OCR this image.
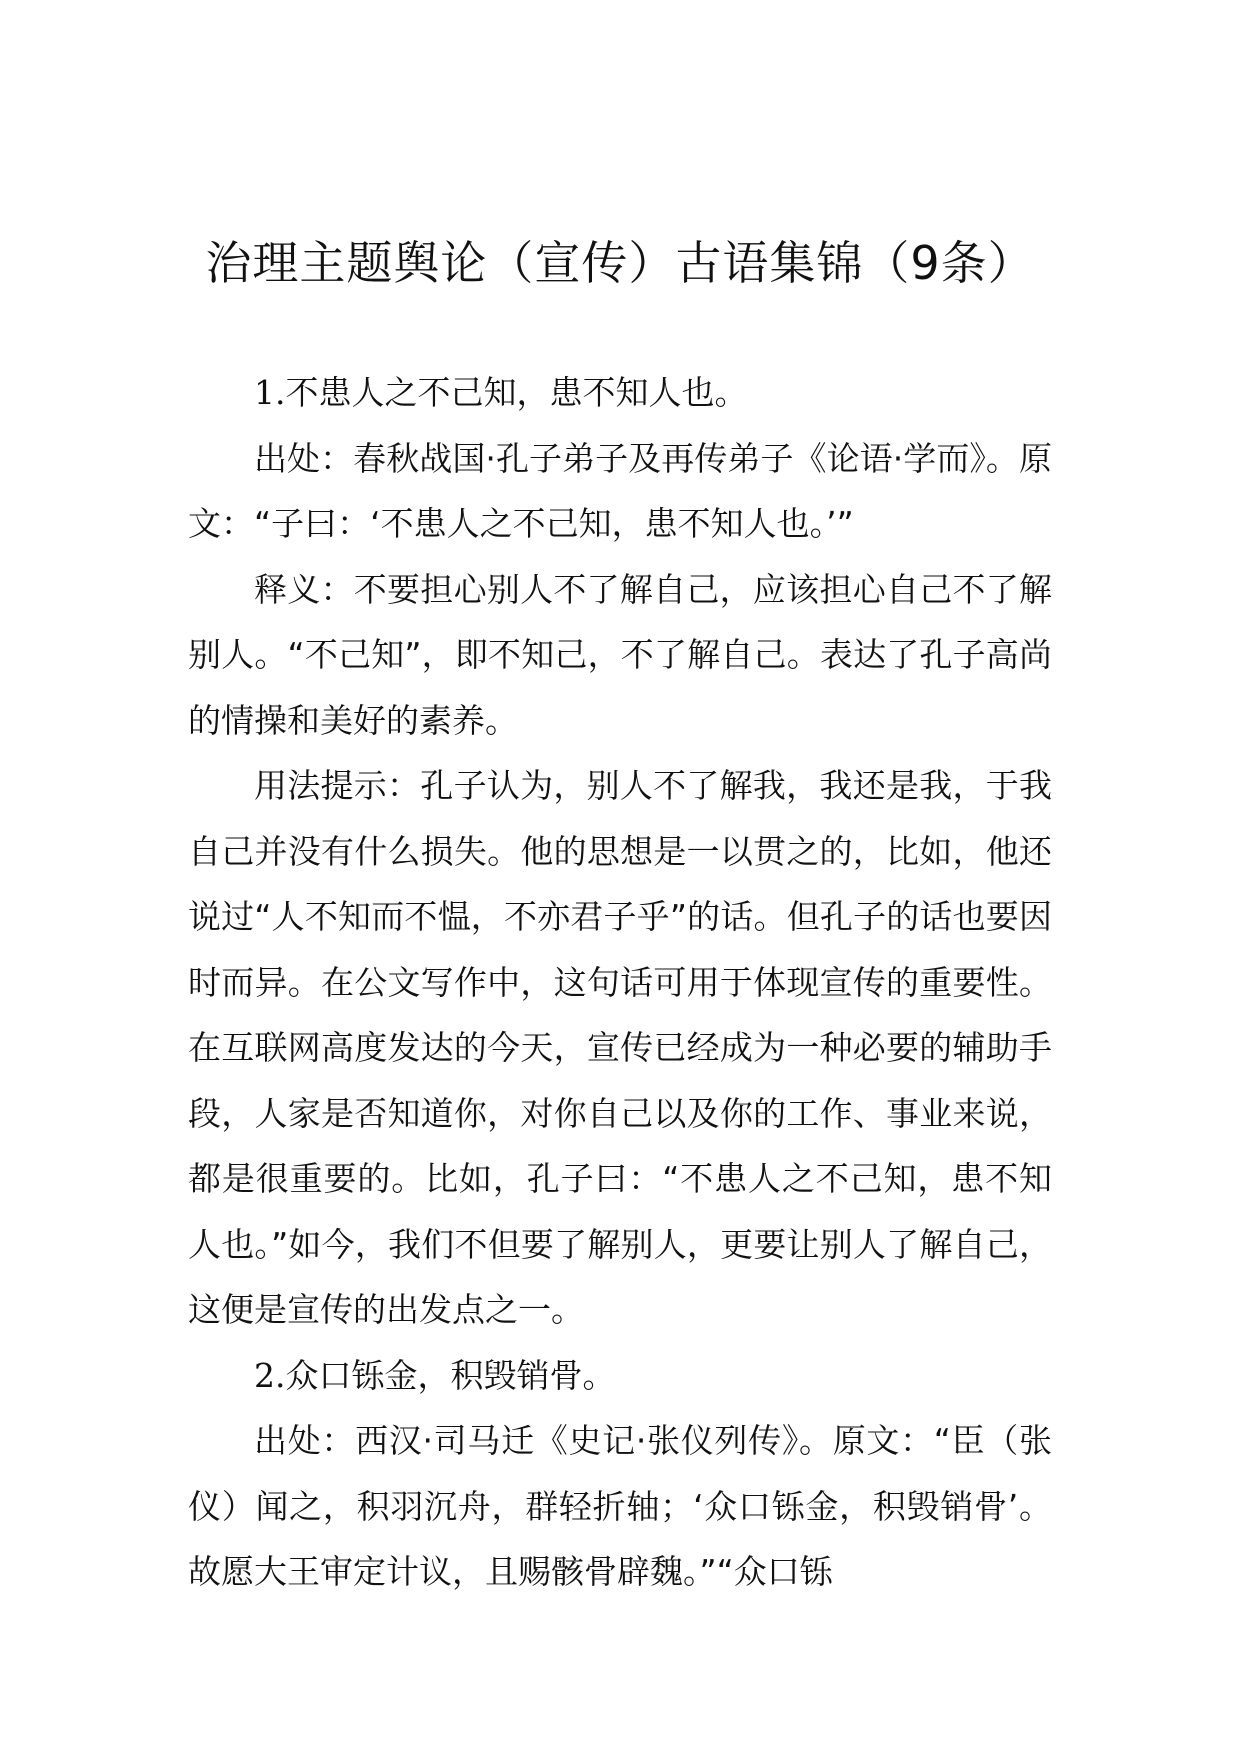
治理主题舆论（宣传）古语集锦（9条）

1.不患人之不己知，患不知人也。

出处：春秋战国·孔子弟子及再传弟子《论语·学而》。原文：“子曰：‘不患人之不己知，患不知人也。’”

释义：不要担心别人不了解自己，应该担心自己不了解别人。“不己知”，即不知己，不了解自己。表达了孔子高尚的情操和美好的素养。

用法提示：孔子认为，别人不了解我，我还是我，于我自己并没有什么损失。他的思想是一以贯之的，比如，他还说过“人不知而不愠，不亦君子乎”的话。但孔子的话也要因时而异。在公文写作中，这句话可用于体现宣传的重要性。在互联网高度发达的今天，宣传已经成为一种必要的辅助手段，人家是否知道你，对你自己以及你的工作、事业来说，都是很重要的。比如，孔子曰：“不患人之不己知，患不知人也。”如今，我们不但要了解别人，更要让别人了解自己，这便是宣传的出发点之一。

2.众口铄金，积毁销骨。

出处：西汉·司马迁《史记·张仪列传》。原文：“臣（张仪）闻之，积羽沉舟，群轻折轴；‘众口铄金，积毁销骨’。故愿大王审定计议，且赐骸骨辟魏。”“众口铄
